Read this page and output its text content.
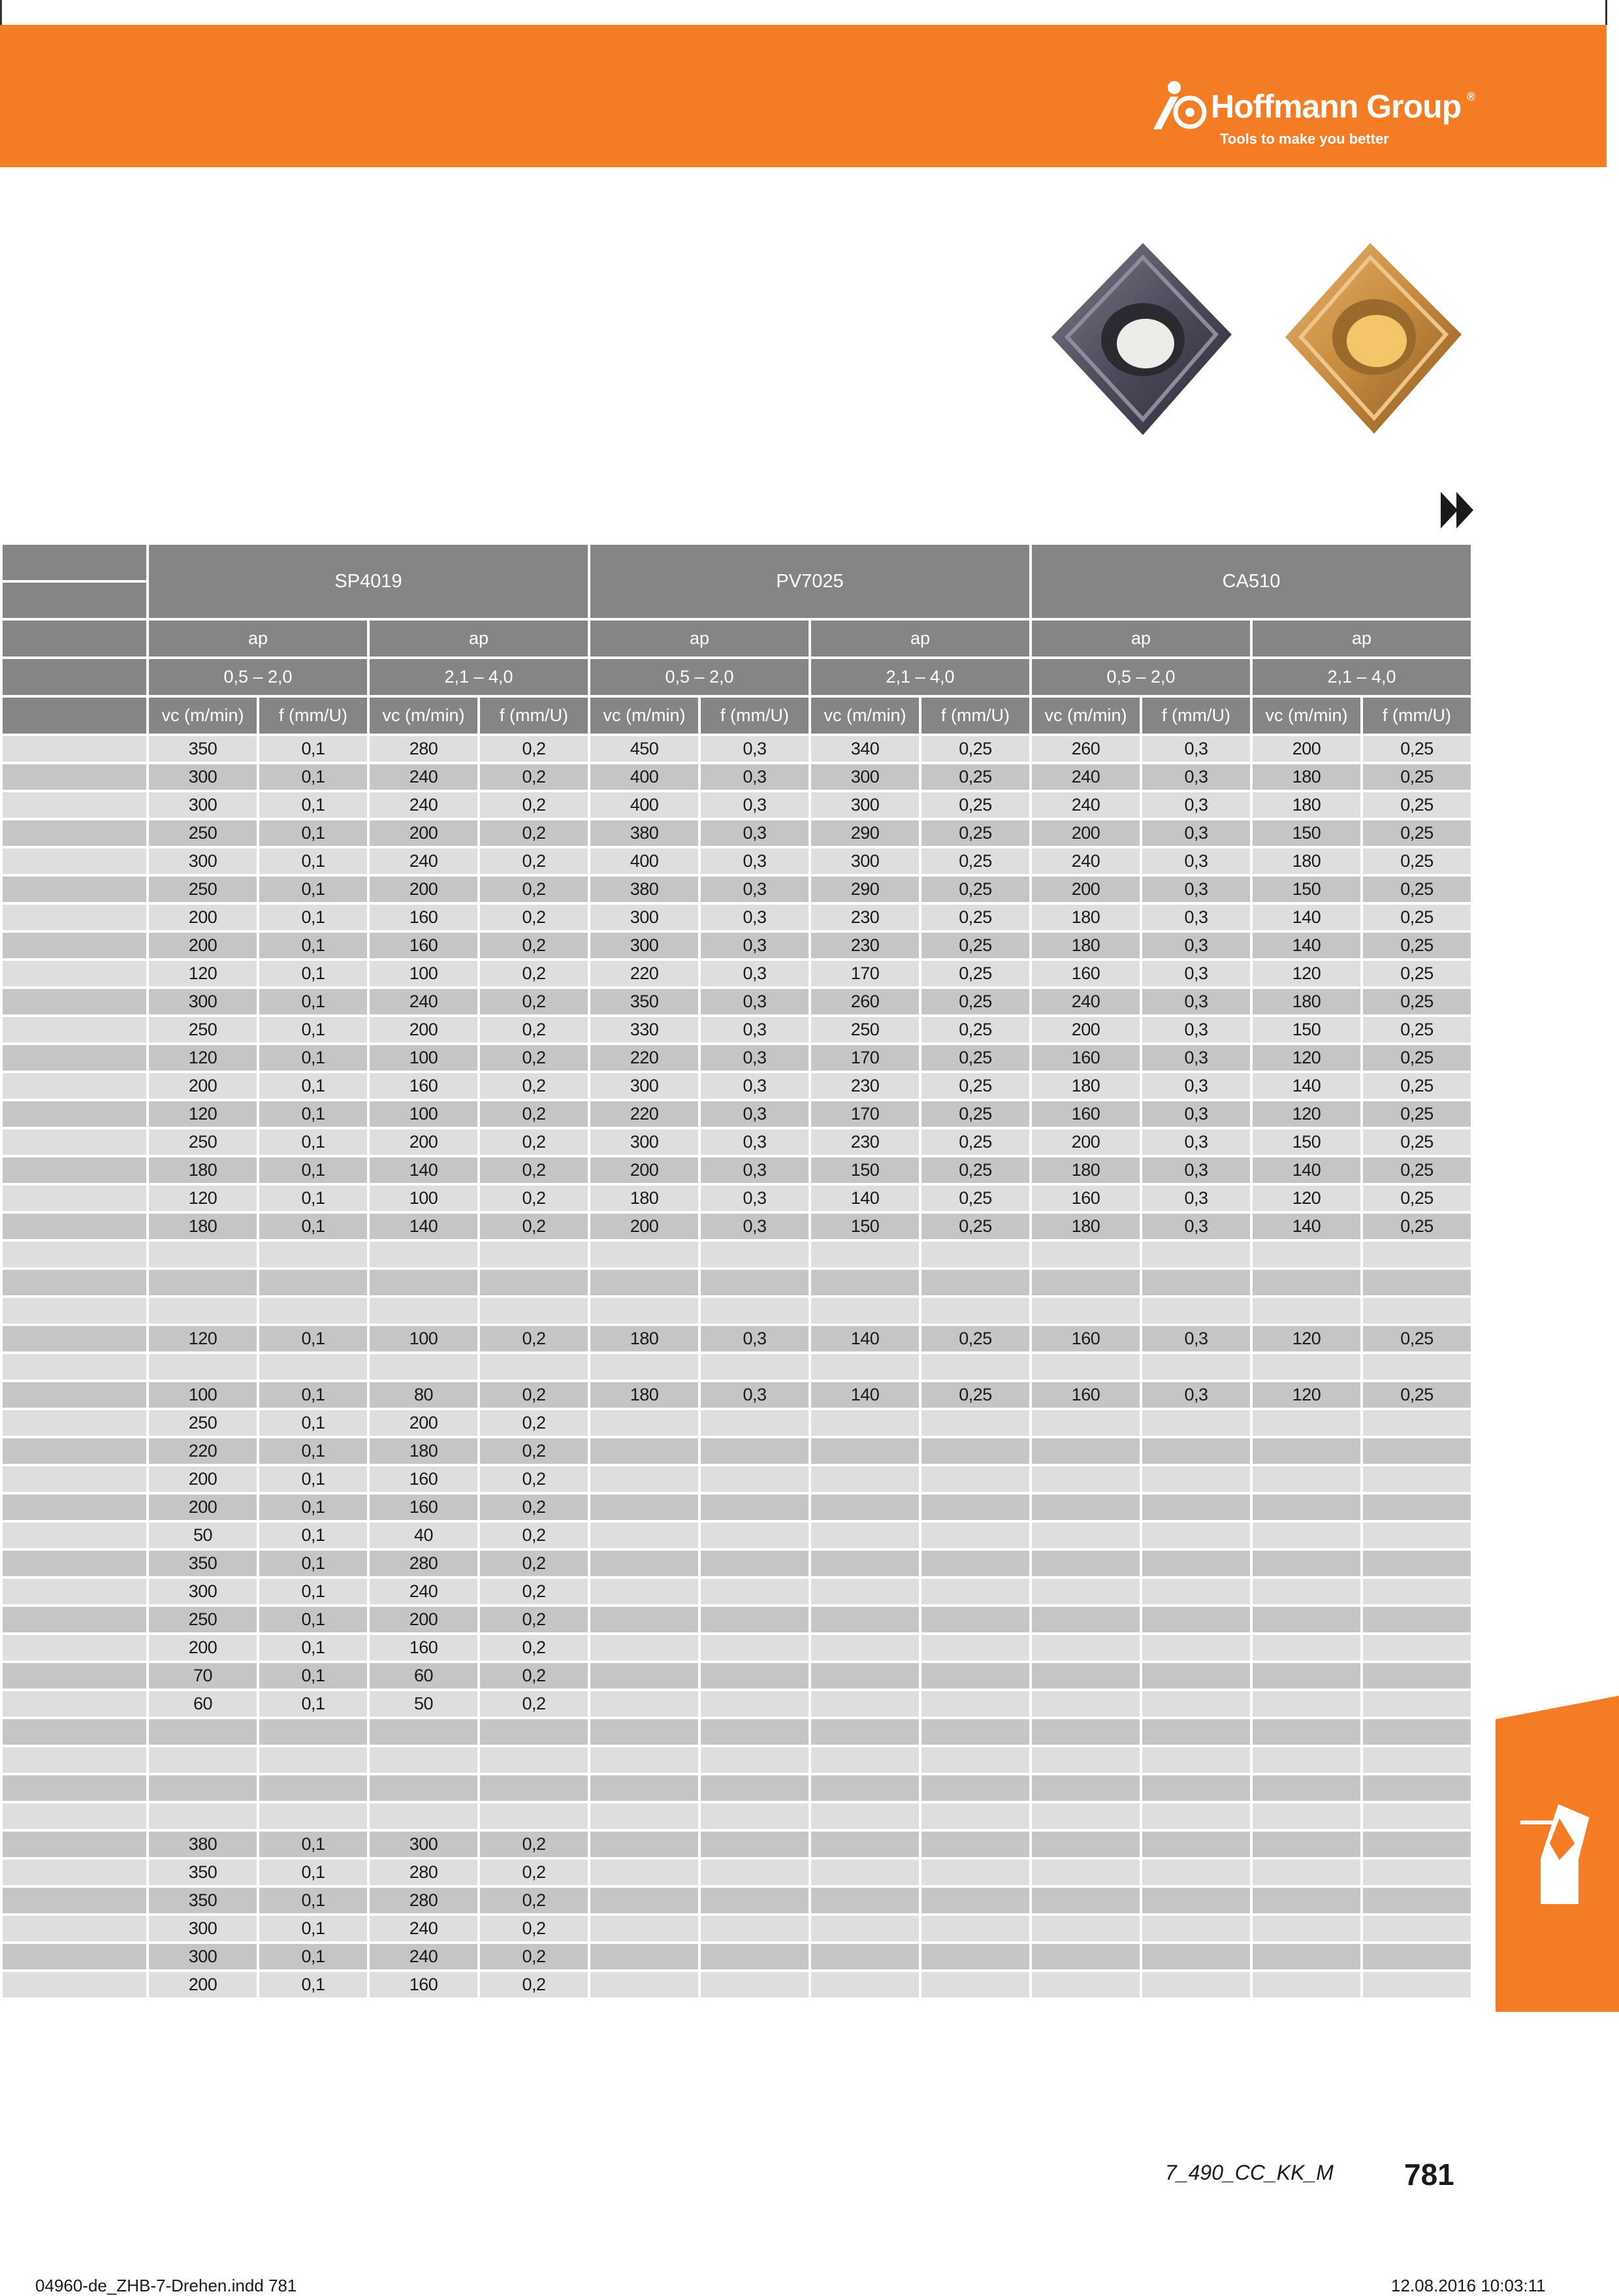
Hoffmann Group ®
Tools to make you better
	SP4019				PV7025				CA510			

	ap		ap		ap		ap		ap		ap	
	0,5 – 2,0		2,1 – 4,0		0,5 – 2,0		2,1 – 4,0		0,5 – 2,0		2,1 – 4,0	
	vc (m/min)	f (mm/U)	vc (m/min)	f (mm/U)	vc (m/min)	f (mm/U)	vc (m/min)	f (mm/U)	vc (m/min)	f (mm/U)	vc (m/min)	f (mm/U)
	350	0,1	280	0,2	450	0,3	340	0,25	260	0,3	200	0,25
	300	0,1	240	0,2	400	0,3	300	0,25	240	0,3	180	0,25
	300	0,1	240	0,2	400	0,3	300	0,25	240	0,3	180	0,25
	250	0,1	200	0,2	380	0,3	290	0,25	200	0,3	150	0,25
	300	0,1	240	0,2	400	0,3	300	0,25	240	0,3	180	0,25
	250	0,1	200	0,2	380	0,3	290	0,25	200	0,3	150	0,25
	200	0,1	160	0,2	300	0,3	230	0,25	180	0,3	140	0,25
	200	0,1	160	0,2	300	0,3	230	0,25	180	0,3	140	0,25
	120	0,1	100	0,2	220	0,3	170	0,25	160	0,3	120	0,25
	300	0,1	240	0,2	350	0,3	260	0,25	240	0,3	180	0,25
	250	0,1	200	0,2	330	0,3	250	0,25	200	0,3	150	0,25
	120	0,1	100	0,2	220	0,3	170	0,25	160	0,3	120	0,25
	200	0,1	160	0,2	300	0,3	230	0,25	180	0,3	140	0,25
	120	0,1	100	0,2	220	0,3	170	0,25	160	0,3	120	0,25
	250	0,1	200	0,2	300	0,3	230	0,25	200	0,3	150	0,25
	180	0,1	140	0,2	200	0,3	150	0,25	180	0,3	140	0,25
	120	0,1	100	0,2	180	0,3	140	0,25	160	0,3	120	0,25
	180	0,1	140	0,2	200	0,3	150	0,25	180	0,3	140	0,25

	120	0,1	100	0,2	180	0,3	140	0,25	160	0,3	120	0,25

	100	0,1	80	0,2	180	0,3	140	0,25	160	0,3	120	0,25
	250	0,1	200	0,2								
	220	0,1	180	0,2								
	200	0,1	160	0,2								
	200	0,1	160	0,2								
	50	0,1	40	0,2								
	350	0,1	280	0,2								
	300	0,1	240	0,2								
	250	0,1	200	0,2								
	200	0,1	160	0,2								
	70	0,1	60	0,2								
	60	0,1	50	0,2								

	380	0,1	300	0,2								
	350	0,1	280	0,2								
	350	0,1	280	0,2								
	300	0,1	240	0,2								
	300	0,1	240	0,2								
	200	0,1	160	0,2								
7_490_CC_KK_M 781
04960-de_ZHB-7-Drehen.indd 781	12.08.2016 10:03:11
